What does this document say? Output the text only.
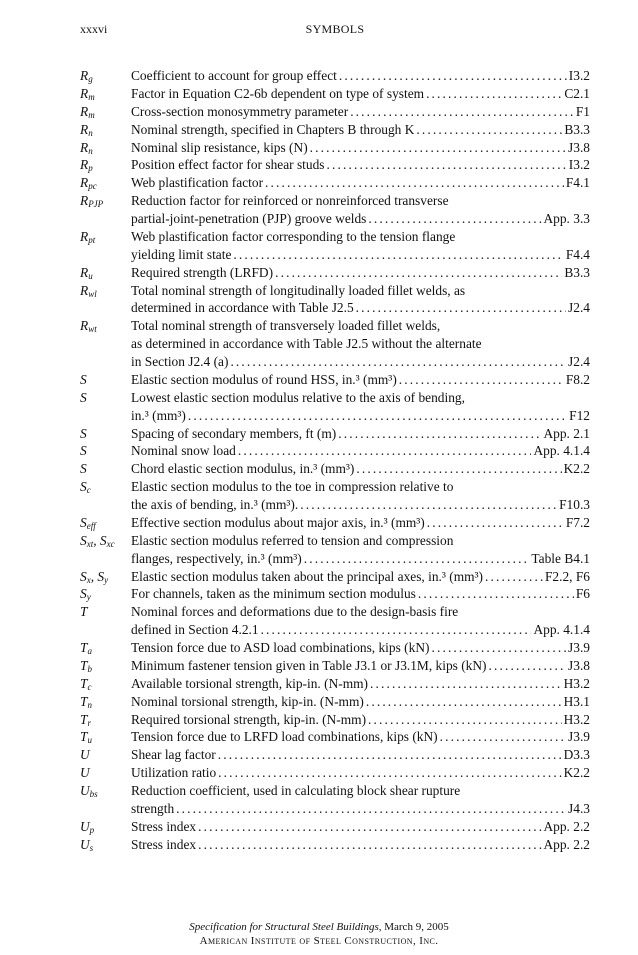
xxxvi	SYMBOLS
$R_g$	Coefficient to account for group effect . . .	I3.2
$R_m$	Factor in Equation C2-6b dependent on type of system . . .	C2.1
$R_m$	Cross-section monosymmetry parameter . . .	F1
$R_n$	Nominal strength, specified in Chapters B through K . . .	B3.3
$R_n$	Nominal slip resistance, kips (N) . . .	J3.8
$R_p$	Position effect factor for shear studs . . .	I3.2
$R_{pc}$	Web plastification factor . . .	F4.1
$R_{PJP}$ Reduction factor for reinforced or nonreinforced transverse
partial-joint-penetration (PJP) groove welds . . .	App. 3.3
$R_{pt}$	Web plastification factor corresponding to the tension flange
yielding limit state . . .	F4.4
$R_u$	Required strength (LRFD) . . .	B3.3
$R_{wl}$	Total nominal strength of longitudinally loaded fillet welds, as
determined in accordance with Table J2.5 . . .	J2.4
$R_{wt}$	Total nominal strength of transversely loaded fillet welds,
as determined in accordance with Table J2.5 without the alternate
in Section J2.4 (a) . . .	J2.4
S	Elastic section modulus of round HSS, in.³ (mm³) . . .	F8.2
S	Lowest elastic section modulus relative to the axis of bending,
in.³ (mm³) . . .	F12
S	Spacing of secondary members, ft (m) . . .	App. 2.1
S	Nominal snow load . . .	App. 4.1.4
S	Chord elastic section modulus, in.³ (mm³) . . .	K2.2
$S_c$	Elastic section modulus to the toe in compression relative to
the axis of bending, in.³ (mm³). . . .	F10.3
$S_{eff}$	Effective section modulus about major axis, in.³ (mm³) . . .	F7.2
$S_{xt}$, $S_{xc}$ Elastic section modulus referred to tension and compression
flanges, respectively, in.³ (mm³) . . .	Table B4.1
$S_x$, $S_y$ Elastic section modulus taken about the principal axes, in.³ (mm³) . . .	F2.2, F6
$S_y$	For channels, taken as the minimum section modulus . . .	F6
T	Nominal forces and deformations due to the design-basis fire
defined in Section 4.2.1 . . .	App. 4.1.4
$T_a$	Tension force due to ASD load combinations, kips (kN) . . .	J3.9
$T_b$	Minimum fastener tension given in Table J3.1 or J3.1M, kips (kN) . . .	J3.8
$T_c$	Available torsional strength, kip-in. (N-mm) . . .	H3.2
$T_n$	Nominal torsional strength, kip-in. (N-mm) . . .	H3.1
$T_r$	Required torsional strength, kip-in. (N-mm) . . .	H3.2
$T_u$	Tension force due to LRFD load combinations, kips (kN) . . .	J3.9
U	Shear lag factor . . .	D3.3
U	Utilization ratio . . .	K2.2
$U_{bs}$ Reduction coefficient, used in calculating block shear rupture
strength . . .	J4.3
$U_p$	Stress index . . .	App. 2.2
$U_s$	Stress index . . .	App. 2.2
Specification for Structural Steel Buildings, March 9, 2005
American Institute of Steel Construction, Inc.
